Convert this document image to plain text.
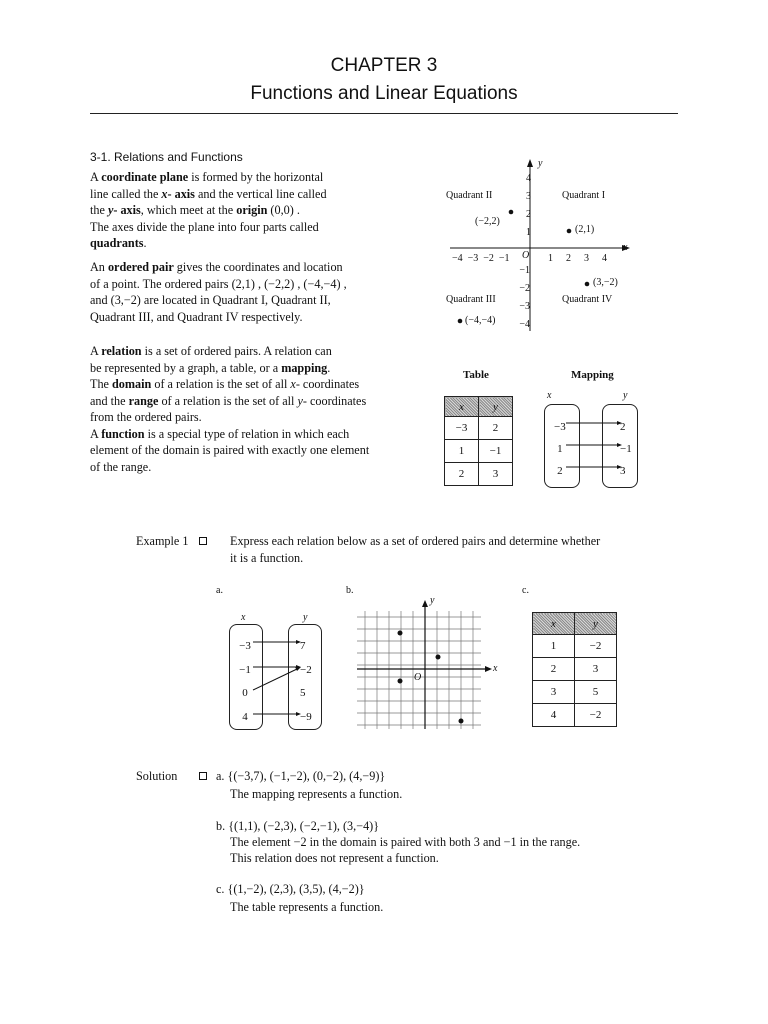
CHAPTER 3
Functions and Linear Equations
3-1. Relations and Functions
A coordinate plane is formed by the horizontal
line called the x- axis and the vertical line called
the y- axis, which meet at the origin (0,0) .
The axes divide the plane into four parts called
quadrants.
An ordered pair gives the coordinates and location
of a point. The ordered pairs (2,1) , (−2,2) , (−4,−4) ,
and (3,−2) are located in Quadrant I, Quadrant II,
Quadrant III, and Quadrant IV respectively.
A relation is a set of ordered pairs. A relation can
be represented by a graph, a table, or a mapping.
The domain of a relation is the set of all x- coordinates
and the range of a relation is the set of all y- coordinates
from the ordered pairs.
A function is a special type of relation in which each
element of the domain is paired with exactly one element
of the range.
y
x
O
4
3
2
1
−1
−2
−3
−4
−4  −3  −2  −1	1 2 3 4
Quadrant II	Quadrant I
Quadrant III	Quadrant IV
(2,1)
(−2,2)
(−4,−4)
(3,−2)
Table
x	y
−3	2
1	−1
2	3
Mapping
x	y
−3
1
2
2
−1
3
Example 1	Express each relation below as a set of ordered pairs and determine whether
it is a function.
a.	b.	c.
x	y
−3
−1
0
4
7
−2
5
−9
y
x
O
x	y
1	−2
2	3
3	5
4	−2
Solution	a. {(−3,7), (−1,−2), (0,−2), (4,−9)}
The mapping represents a function.
b. {(1,1), (−2,3), (−2,−1), (3,−4)}
The element −2 in the domain is paired with both 3 and −1 in the range.
This relation does not represent a function.
c. {(1,−2), (2,3), (3,5), (4,−2)}
The table represents a function.
